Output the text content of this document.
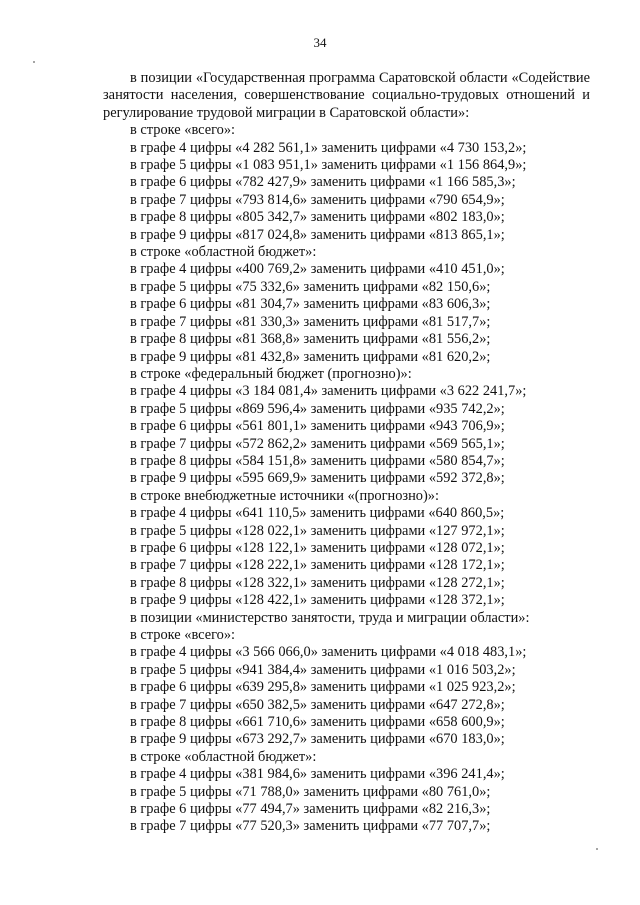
34

в позиции «Государственная программа Саратовской области «Содействие занятости населения, совершенствование социально-трудовых отношений и регулирование трудовой миграции в Саратовской области»:

в строке «всего»:
в графе 4 цифры «4 282 561,1» заменить цифрами «4 730 153,2»;
в графе 5 цифры «1 083 951,1» заменить цифрами «1 156 864,9»;
в графе 6 цифры «782 427,9» заменить цифрами «1 166 585,3»;
в графе 7 цифры «793 814,6» заменить цифрами «790 654,9»;
в графе 8 цифры «805 342,7» заменить цифрами «802 183,0»;
в графе 9 цифры «817 024,8» заменить цифрами «813 865,1»;
в строке «областной бюджет»:
в графе 4 цифры «400 769,2» заменить цифрами «410 451,0»;
в графе 5 цифры «75 332,6» заменить цифрами «82 150,6»;
в графе 6 цифры «81 304,7» заменить цифрами «83 606,3»;
в графе 7 цифры «81 330,3» заменить цифрами «81 517,7»;
в графе 8 цифры «81 368,8» заменить цифрами «81 556,2»;
в графе 9 цифры «81 432,8» заменить цифрами «81 620,2»;
в строке «федеральный бюджет (прогнозно)»:
в графе 4 цифры «3 184 081,4» заменить цифрами «3 622 241,7»;
в графе 5 цифры «869 596,4» заменить цифрами «935 742,2»;
в графе 6 цифры «561 801,1» заменить цифрами «943 706,9»;
в графе 7 цифры «572 862,2» заменить цифрами «569 565,1»;
в графе 8 цифры «584 151,8» заменить цифрами «580 854,7»;
в графе 9 цифры «595 669,9» заменить цифрами «592 372,8»;
в строке внебюджетные источники «(прогнозно)»:
в графе 4 цифры «641 110,5» заменить цифрами «640 860,5»;
в графе 5 цифры «128 022,1» заменить цифрами «127 972,1»;
в графе 6 цифры «128 122,1» заменить цифрами «128 072,1»;
в графе 7 цифры «128 222,1» заменить цифрами «128 172,1»;
в графе 8 цифры «128 322,1» заменить цифрами «128 272,1»;
в графе 9 цифры «128 422,1» заменить цифрами «128 372,1»;
в позиции «министерство занятости, труда и миграции области»:
в строке «всего»:
в графе 4 цифры «3 566 066,0» заменить цифрами «4 018 483,1»;
в графе 5 цифры «941 384,4» заменить цифрами «1 016 503,2»;
в графе 6 цифры «639 295,8» заменить цифрами «1 025 923,2»;
в графе 7 цифры «650 382,5» заменить цифрами «647 272,8»;
в графе 8 цифры «661 710,6» заменить цифрами «658 600,9»;
в графе 9 цифры «673 292,7» заменить цифрами «670 183,0»;
в строке «областной бюджет»:
в графе 4 цифры «381 984,6» заменить цифрами «396 241,4»;
в графе 5 цифры «71 788,0» заменить цифрами «80 761,0»;
в графе 6 цифры «77 494,7» заменить цифрами «82 216,3»;
в графе 7 цифры «77 520,3» заменить цифрами «77 707,7»;
